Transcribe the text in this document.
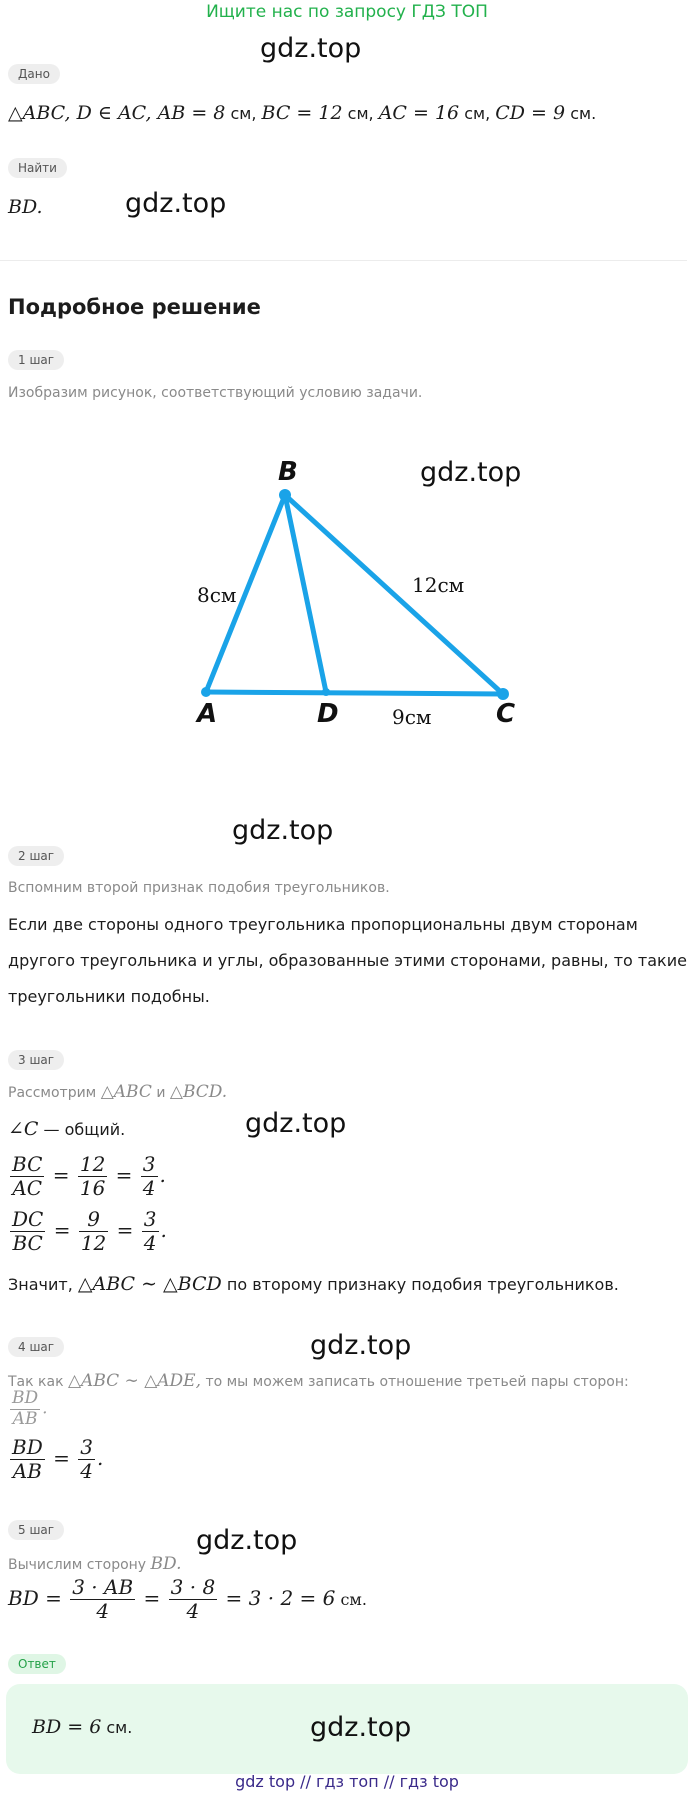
Ищите нас по запросу ГДЗ ТОП
gdz.top
gdz.top
gdz.top
gdz.top
gdz.top
gdz.top
gdz.top
Дано
△ABC, D ∈ AC, AB = 8 см, BC = 12 см, AC = 16 см, CD = 9 см.
Найти
BD.
Подробное решение
1 шаг
Изобразим рисунок, соответствующий условию задачи.
B
A	D	C
8см	12см
9см
2 шаг
Вспомним второй признак подобия треугольников.
Если две стороны одного треугольника пропорциональны двум сторонам
другого треугольника и углы, образованные этими сторонами, равны, то такие
треугольники подобны.
3 шаг
Рассмотрим △ABC и △BCD.
∠C — общий.
$\frac{BC}{AC} = \frac{12}{16} = \frac{3}{4}$ .
$\frac{DC}{BC} = \frac{9}{12} = \frac{3}{4}$ .
Значит, △ABC ∼ △BCD по второму признаку подобия треугольников.
4 шаг
Так как △ABC ∼ △ADE, то мы можем записать отношение третьей пары сторон:
$\frac{BD}{AB}$ .
$\frac{BD}{AB} = \frac{3}{4}$ .
5 шаг
Вычислим сторону BD.
BD = $\frac{3 \cdot AB}{4} = \frac{3 \cdot 8}{4} = 3 \cdot 2 = 6$ см.
Ответ
BD = 6 см.	gdz.top
gdz top // гдз топ // гдз top
